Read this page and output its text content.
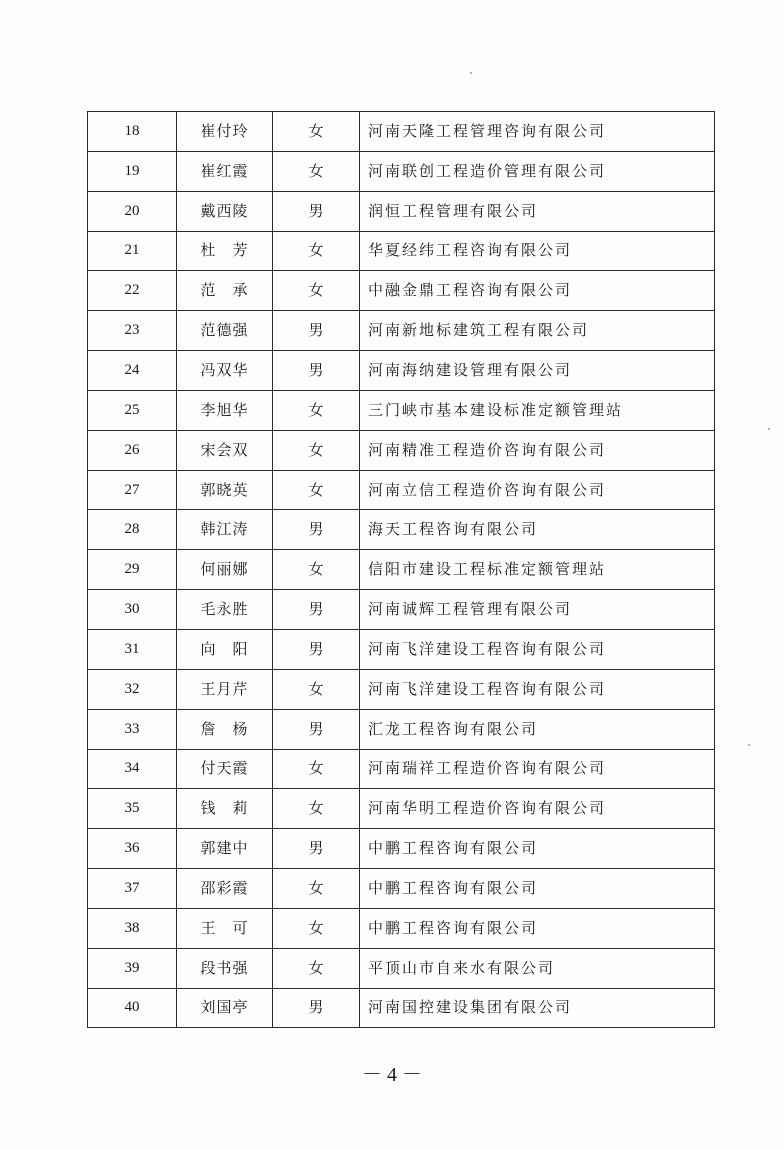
18	崔付玲	女	河南天隆工程管理咨询有限公司
19	崔红霞	女	河南联创工程造价管理有限公司
20	戴西陵	男	润恒工程管理有限公司
21	杜　芳	女	华夏经纬工程咨询有限公司
22	范　承	女	中融金鼎工程咨询有限公司
23	范德强	男	河南新地标建筑工程有限公司
24	冯双华	男	河南海纳建设管理有限公司
25	李旭华	女	三门峡市基本建设标准定额管理站
26	宋会双	女	河南精准工程造价咨询有限公司
27	郭晓英	女	河南立信工程造价咨询有限公司
28	韩江涛	男	海天工程咨询有限公司
29	何丽娜	女	信阳市建设工程标准定额管理站
30	毛永胜	男	河南诚辉工程管理有限公司
31	向　阳	男	河南飞洋建设工程咨询有限公司
32	王月芹	女	河南飞洋建设工程咨询有限公司
33	詹　杨	男	汇龙工程咨询有限公司
34	付天霞	女	河南瑞祥工程造价咨询有限公司
35	钱　莉	女	河南华明工程造价咨询有限公司
36	郭建中	男	中鹏工程咨询有限公司
37	邵彩霞	女	中鹏工程咨询有限公司
38	王　可	女	中鹏工程咨询有限公司
39	段书强	女	平顶山市自来水有限公司
40	刘国亭	男	河南国控建设集团有限公司
－ 4 －
